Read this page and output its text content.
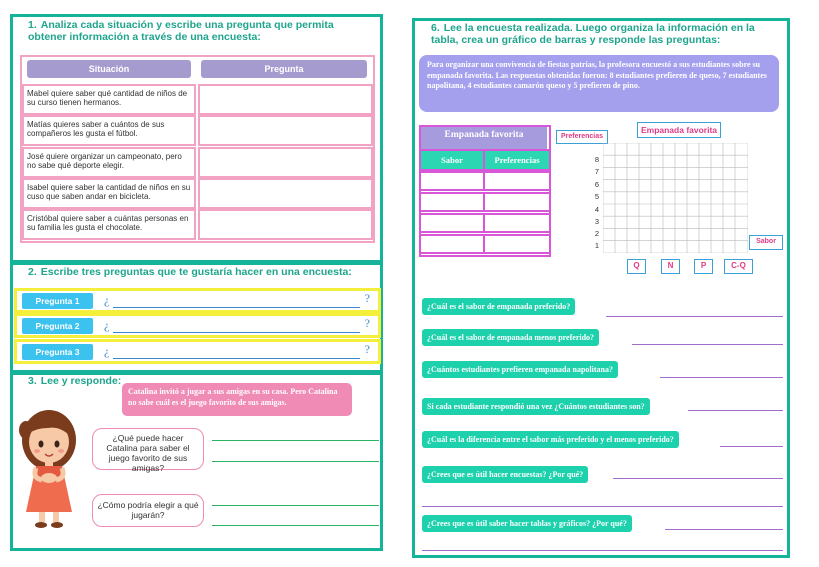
1. Analiza cada situación y escribe una pregunta que permita obtener información a través de una encuesta:
Situación	Pregunta
Mabel quiere saber qué cantidad de niños de su curso tienen hermanos.
Matías quieres saber a cuántos de sus compañeros les gusta el fútbol.
José quiere organizar un campeonato, pero no sabe qué deporte elegir.
Isabel quiere saber la cantidad de niños en su cuso que saben andar en bicicleta.
Cristóbal quiere saber a cuántas personas en su familia les gusta el chocolate.
2. Escribe tres preguntas que te gustaría hacer en una encuesta:
Pregunta 1	¿	?
Pregunta 2	¿	?
Pregunta 3	¿	?
3. Lee y responde:
Catalina invitó a jugar a sus amigas en su casa. Pero Catalina no sabe cuál es el juego favorito de sus amigas.
¿Qué puede hacer Catalina para saber el juego favorito de sus amigas?
¿Cómo podría elegir a qué jugarán?
6. Lee la encuesta realizada. Luego organiza la información en la tabla, crea un gráfico de barras y responde las preguntas:
Para organizar una convivencia de fiestas patrias, la profesora encuestó a sus estudiantes sobre su empanada favorita. Las respuestas obtenidas fueron: 8 estudiantes prefieren de queso, 7 estudiantes napolitana, 4 estudiantes camarón queso y 5 prefieren de pino.
Empanada favorita
Sabor	Preferencias
Preferencias
Empanada favorita
8
7
6
5
4
3
2
1	Sabor
Q	N	P	C-Q
¿Cuál es el sabor de empanada preferido?
¿Cuál es el sabor de empanada menos preferido?
¿Cuántos estudiantes prefieren empanada napolitana?
Si cada estudiante respondió una vez ¿Cuántos estudiantes son?
¿Cuál es la diferencia entre el sabor más preferido y el menos preferido?
¿Crees que es útil hacer encuestas? ¿Por qué?
¿Crees que es útil saber hacer tablas y gráficos? ¿Por qué?
